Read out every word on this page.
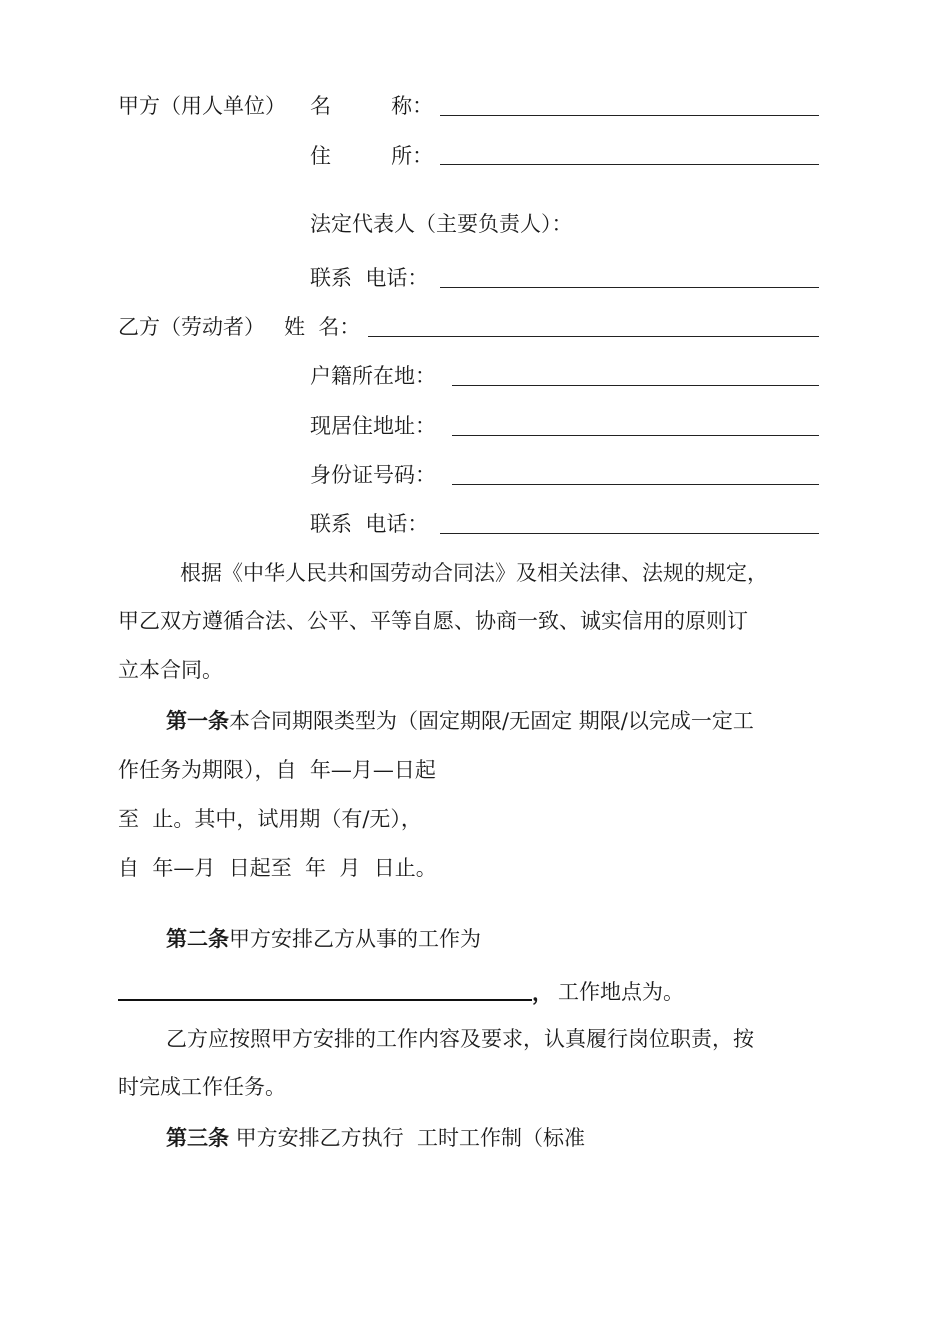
甲方（用人单位） 名         称：
住         所：
法定代表人（主要负责人）：
联系  电话：
乙方（劳动者） 姓  名：
户籍所在地：
现居住地址：
身份证号码：
联系  电话：
根据《中华人民共和国劳动合同法》及相关法律、法规的规定，
甲乙双方遵循合法、公平、平等自愿、协商一致、诚实信用的原则订
立本合同。
第一条本合同期限类型为（固定期限/无固定 期限/以完成一定工
作任务为期限），自  年—月—日起
至  止。其中，试用期（有/无），
自  年—月  日起至  年  月  日止。
第二条甲方安排乙方从事的工作为
， 工作地点为。
乙方应按照甲方安排的工作内容及要求，认真履行岗位职责，按
时完成工作任务。
第三条 甲方安排乙方执行  工时工作制（标准
